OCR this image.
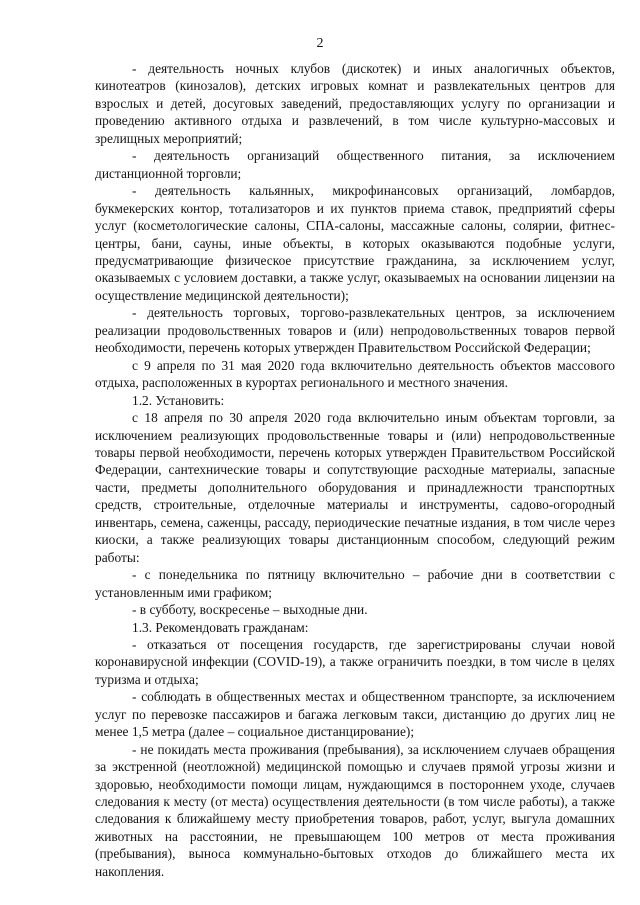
2

- деятельность ночных клубов (дискотек) и иных аналогичных объектов, кинотеатров (кинозалов), детских игровых комнат и развлекательных центров для взрослых и детей, досуговых заведений, предоставляющих услугу по организации и проведению активного отдыха и развлечений, в том числе культурно-массовых и зрелищных мероприятий;

- деятельность организаций общественного питания, за исключением дистанционной торговли;

- деятельность кальянных, микрофинансовых организаций, ломбардов, букмекерских контор, тотализаторов и их пунктов приема ставок, предприятий сферы услуг (косметологические салоны, СПА-салоны, массажные салоны, солярии, фитнес-центры, бани, сауны, иные объекты, в которых оказываются подобные услуги, предусматривающие физическое присутствие гражданина, за исключением услуг, оказываемых с условием доставки, а также услуг, оказываемых на основании лицензии на осуществление медицинской деятельности);

- деятельность торговых, торгово-развлекательных центров, за исключением реализации продовольственных товаров и (или) непродовольственных товаров первой необходимости, перечень которых утвержден Правительством Российской Федерации;

с 9 апреля по 31 мая 2020 года включительно деятельность объектов массового отдыха, расположенных в курортах регионального и местного значения.

1.2. Установить:

с 18 апреля по 30 апреля 2020 года включительно иным объектам торговли, за исключением реализующих продовольственные товары и (или) непродовольственные товары первой необходимости, перечень которых утвержден Правительством Российской Федерации, сантехнические товары и сопутствующие расходные материалы, запасные части, предметы дополнительного оборудования и принадлежности транспортных средств, строительные, отделочные материалы и инструменты, садово-огородный инвентарь, семена, саженцы, рассаду, периодические печатные издания, в том числе через киоски, а также реализующих товары дистанционным способом, следующий режим работы:

- с понедельника по пятницу включительно – рабочие дни в соответствии с установленным ими графиком;

- в субботу, воскресенье – выходные дни.

1.3. Рекомендовать гражданам:

- отказаться от посещения государств, где зарегистрированы случаи новой коронавирусной инфекции (COVID-19), а также ограничить поездки, в том числе в целях туризма и отдыха;

- соблюдать в общественных местах и общественном транспорте, за исключением услуг по перевозке пассажиров и багажа легковым такси, дистанцию до других лиц не менее 1,5 метра (далее – социальное дистанцирование);

- не покидать места проживания (пребывания), за исключением случаев обращения за экстренной (неотложной) медицинской помощью и случаев прямой угрозы жизни и здоровью, необходимости помощи лицам, нуждающимся в постороннем уходе, случаев следования к месту (от места) осуществления деятельности (в том числе работы), а также следования к ближайшему месту приобретения товаров, работ, услуг, выгула домашних животных на расстоянии, не превышающем 100 метров от места проживания (пребывания), выноса коммунально-бытовых отходов до ближайшего места их накопления.
